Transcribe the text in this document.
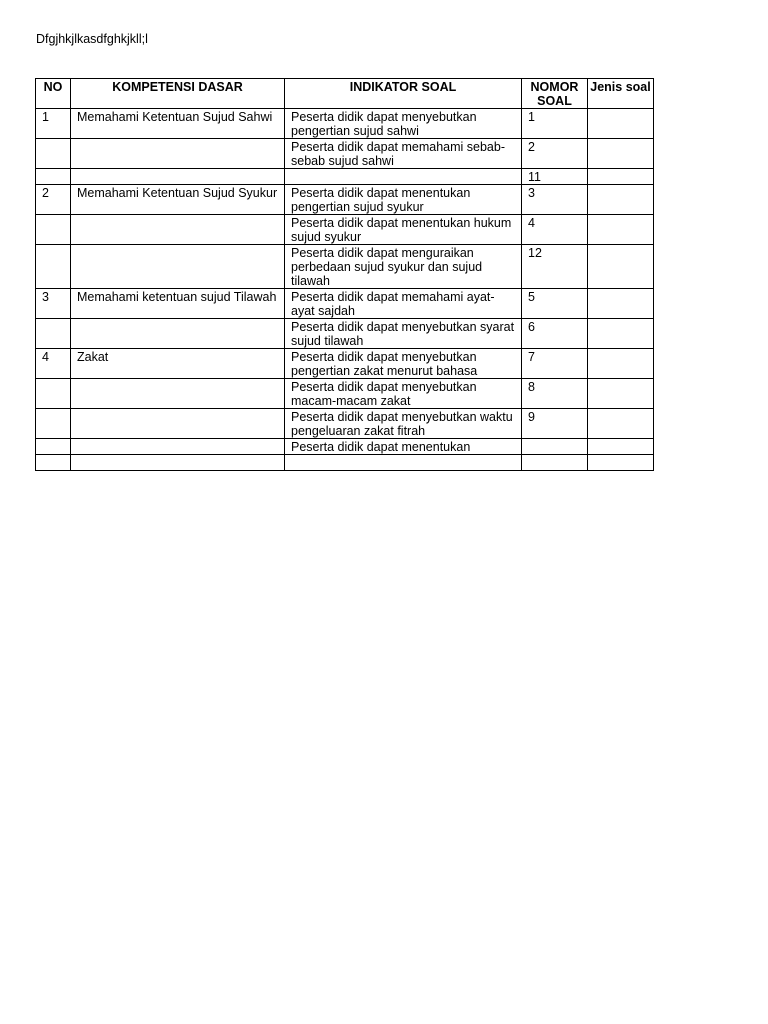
Dfgjhkjlkasdfghkjkll;l
NO	KOMPETENSI DASAR	INDIKATOR SOAL	NOMOR SOAL	Jenis soal
1	Memahami Ketentuan Sujud Sahwi	Peserta didik dapat menyebutkan pengertian sujud sahwi	1	
		Peserta didik dapat memahami sebab-sebab sujud sahwi	2	
			11	
2	Memahami Ketentuan Sujud Syukur	Peserta didik dapat menentukan pengertian sujud syukur	3	
		Peserta didik dapat menentukan hukum sujud syukur	4	
		Peserta didik dapat menguraikan perbedaan sujud syukur dan sujud tilawah	12	
3	Memahami ketentuan sujud Tilawah	Peserta didik dapat memahami ayat-ayat sajdah	5	
		Peserta didik dapat menyebutkan syarat sujud tilawah	6	
4	Zakat	Peserta didik dapat menyebutkan pengertian zakat menurut bahasa	7	
		Peserta didik dapat menyebutkan macam-macam zakat	8	
		Peserta didik dapat menyebutkan waktu pengeluaran zakat fitrah	9	
		Peserta didik dapat menentukan		
